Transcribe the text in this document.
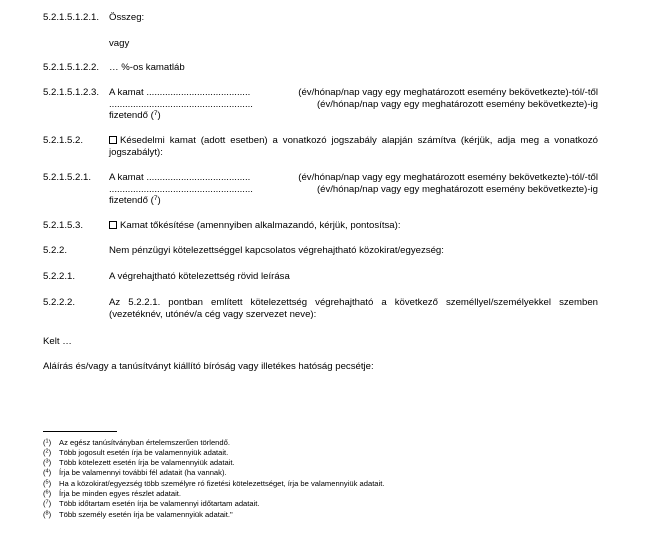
5.2.1.5.1.2.1. Összeg:
vagy
5.2.1.5.1.2.2. … %-os kamatláb
5.2.1.5.1.2.3. A kamat .......................................	(év/hónap/nap vagy egy meghatározott esemény bekövetkezte)-tól/-től
......................................................	(év/hónap/nap vagy egy meghatározott esemény bekövetkezte)-ig
fizetendő ($^7$)
5.2.1.5.2.	Késedelmi kamat (adott esetben) a vonatkozó jogszabály alapján számítva (kérjük, adja meg a vonatkozó jogszabályt):
5.2.1.5.2.1. A kamat .......................................	(év/hónap/nap vagy egy meghatározott esemény bekövetkezte)-tól/-től
......................................................	(év/hónap/nap vagy egy meghatározott esemény bekövetkezte)-ig
fizetendő ($^7$)
5.2.1.5.3.	Kamat tőkésítése (amennyiben alkalmazandó, kérjük, pontosítsa):
5.2.2.	Nem pénzügyi kötelezettséggel kapcsolatos végrehajtható közokirat/egyezség:
5.2.2.1.	A végrehajtható kötelezettség rövid leírása
5.2.2.2.	Az 5.2.2.1. pontban említett kötelezettség végrehajtható a következő személlyel/személyekkel szemben (vezetéknév, utónév/a cég vagy szervezet neve):
Kelt …
Aláírás és/vagy a tanúsítványt kiállító bíróság vagy illetékes hatóság pecsétje:
($^1$) Az egész tanúsítványban értelemszerűen törlendő.
($^2$) Több jogosult esetén írja be valamennyiük adatait.
($^3$) Több kötelezett esetén írja be valamennyiük adatait.
($^4$) Írja be valamennyi további fél adatait (ha vannak).
($^5$) Ha a közokirat/egyezség több személyre ró fizetési kötelezettséget, írja be valamennyiük adatait.
($^6$) Írja be minden egyes részlet adatait.
($^7$) Több időtartam esetén írja be valamennyi időtartam adatait.
($^8$) Több személy esetén írja be valamennyiük adatait."
